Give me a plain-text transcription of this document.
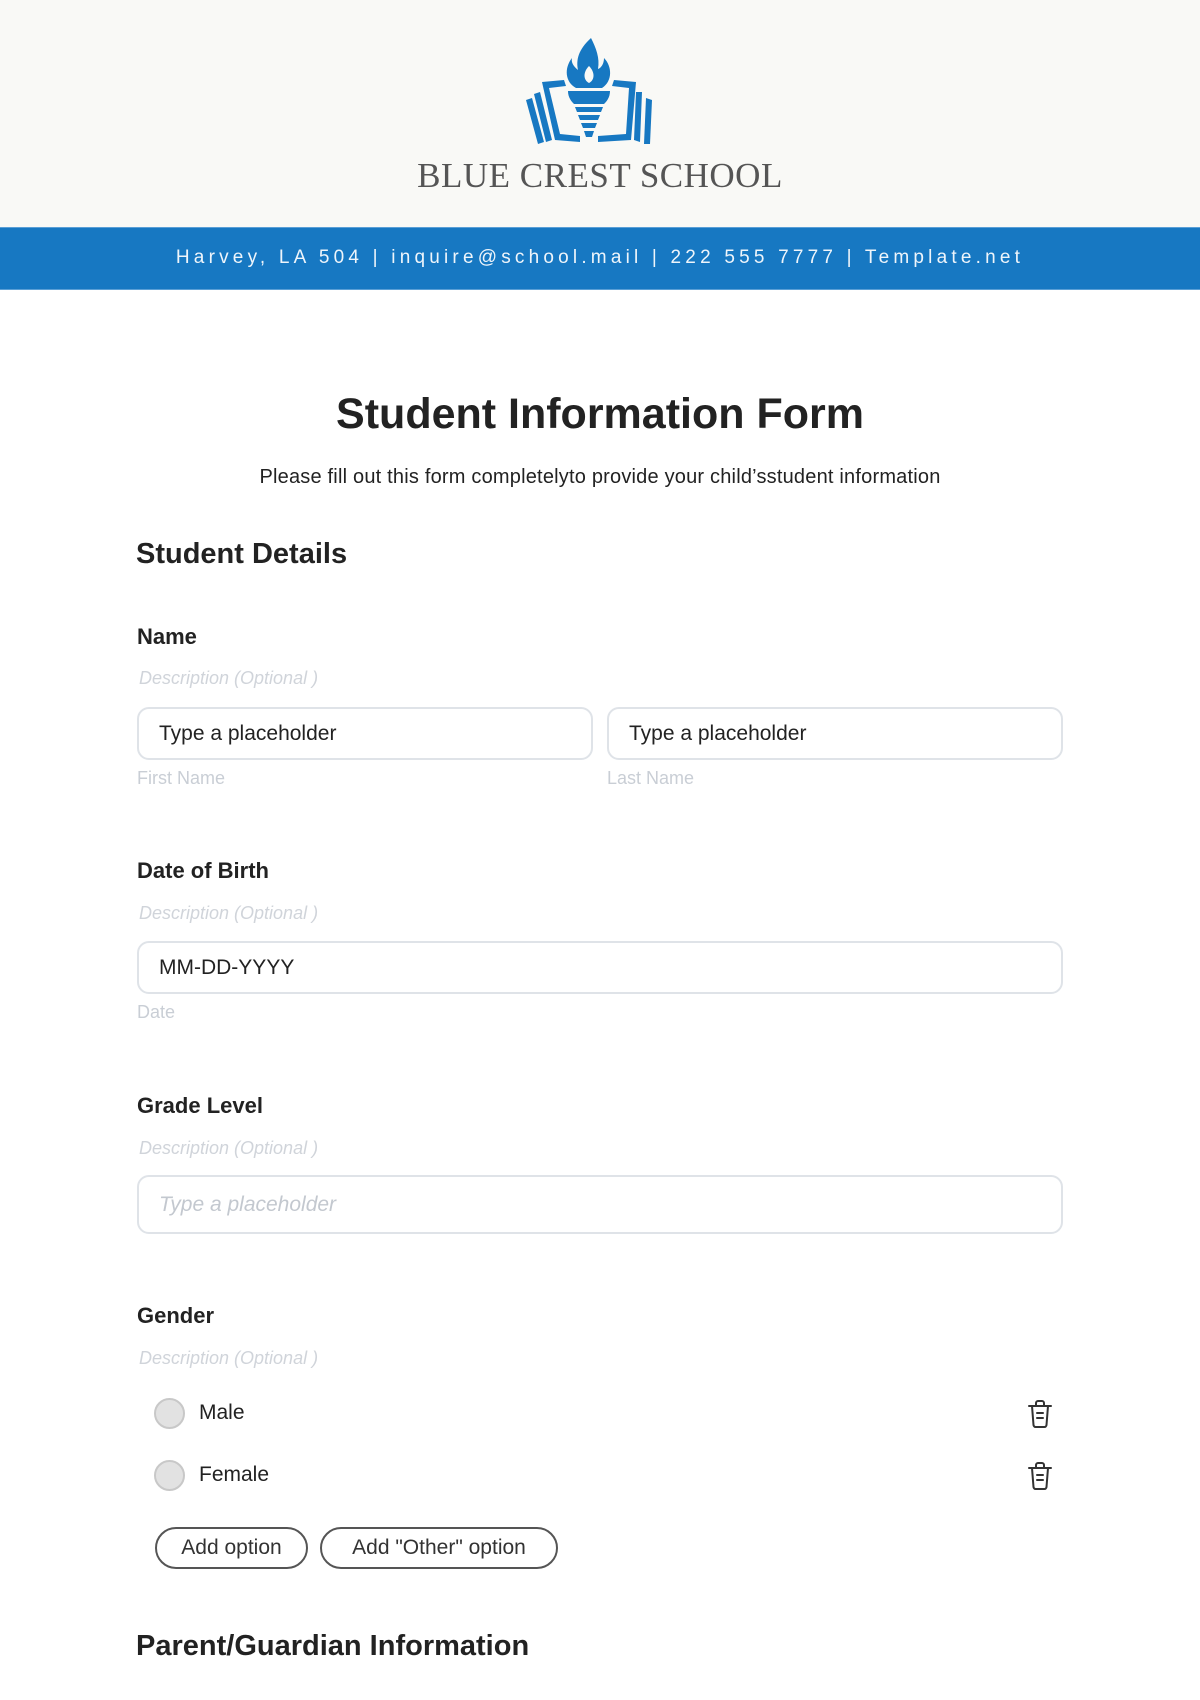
BLUE CREST SCHOOL
Harvey, LA 504 | inquire@school.mail | 222 555 7777 | Template.net
Student Information Form
Please fill out this form completelyto provide your child’sstudent information
Student Details
Name
Description (Optional )
Type a placeholder	Type a placeholder
First Name	Last Name
Date of Birth
Description (Optional )
MM-DD-YYYY
Date
Grade Level
Description (Optional )
Type a placeholder
Gender
Description (Optional )
Male
Female
Add option	Add "Other" option
Parent/Guardian Information
